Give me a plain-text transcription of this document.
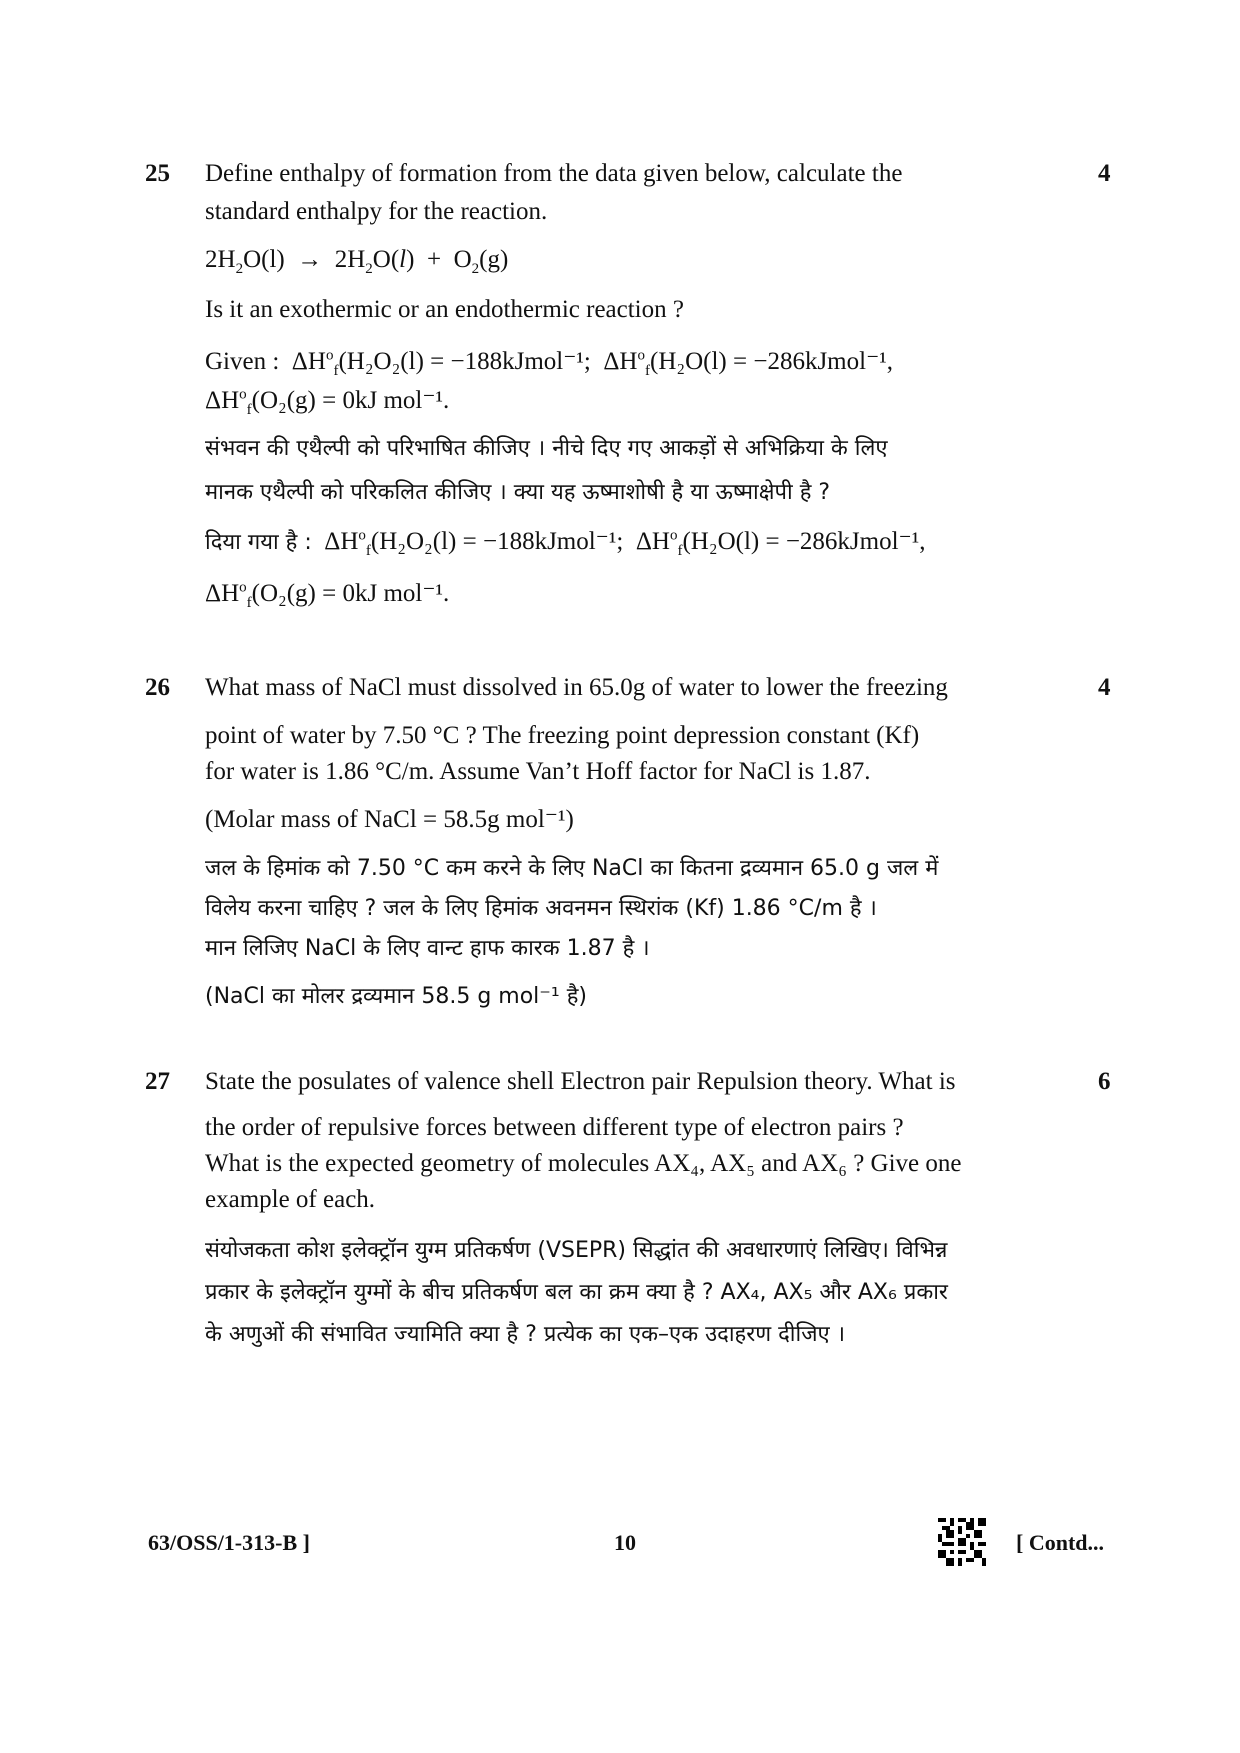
25	4
Define enthalpy of formation from the data given below, calculate the
standard enthalpy for the reaction.
$2H_2O(l) \to 2H_2O(l) + O_2(g)$
Is it an exothermic or an endothermic reaction ?
Given :  $\Delta H^o_f(H_2O_2(l)$ = −188kJmol⁻¹;  $\Delta H^o_f(H_2O(l)$ = −286kJmol⁻¹,
$\Delta H^o_f(O_2(g) = 0kJ$ mol⁻¹.
संभवन की एथैल्पी को परिभाषित कीजिए । नीचे दिए गए आकड़ों से अभिक्रिया के लिए
मानक एथैल्पी को परिकलित कीजिए । क्या यह ऊष्माशोषी है या ऊष्माक्षेपी है ?
दिया गया है :  $\Delta H^o_f(H_2O_2(l)$ = −188kJmol⁻¹;  $\Delta H^o_f(H_2O(l)$ = −286kJmol⁻¹,
$\Delta H^o_f(O_2(g) = 0kJ$ mol⁻¹.
26	4
What mass of NaCl must dissolved in 65.0g of water to lower the freezing
point of water by 7.50 °C ? The freezing point depression constant (Kf)
for water is 1.86 °C/m. Assume Van’t Hoff factor for NaCl is 1.87.
(Molar mass of NaCl = 58.5g mol⁻¹)
जल के हिमांक को 7.50 °C कम करने के लिए NaCl का कितना द्रव्यमान 65.0 g जल में
विलेय करना चाहिए ? जल के लिए हिमांक अवनमन स्थिरांक (Kf) 1.86 °C/m है ।
मान लिजिए NaCl के लिए वान्ट हाफ कारक 1.87 है ।
(NaCl का मोलर द्रव्यमान 58.5 g mol⁻¹ है)
27	6
State the posulates of valence shell Electron pair Repulsion theory. What is
the order of repulsive forces between different type of electron pairs ?
What is the expected geometry of molecules AX₄, AX₅ and AX₆ ? Give one
example of each.
संयोजकता कोश इलेक्ट्रॉन युग्म प्रतिकर्षण (VSEPR) सिद्धांत की अवधारणाएं लिखिए। विभिन्न
प्रकार के इलेक्ट्रॉन युग्मों के बीच प्रतिकर्षण बल का क्रम क्या है ? AX₄, AX₅ और AX₆ प्रकार
के अणुओं की संभावित ज्यामिति क्या है ? प्रत्येक का एक–एक उदाहरण दीजिए ।
63/OSS/1-313-B ]	10	[ Contd...
